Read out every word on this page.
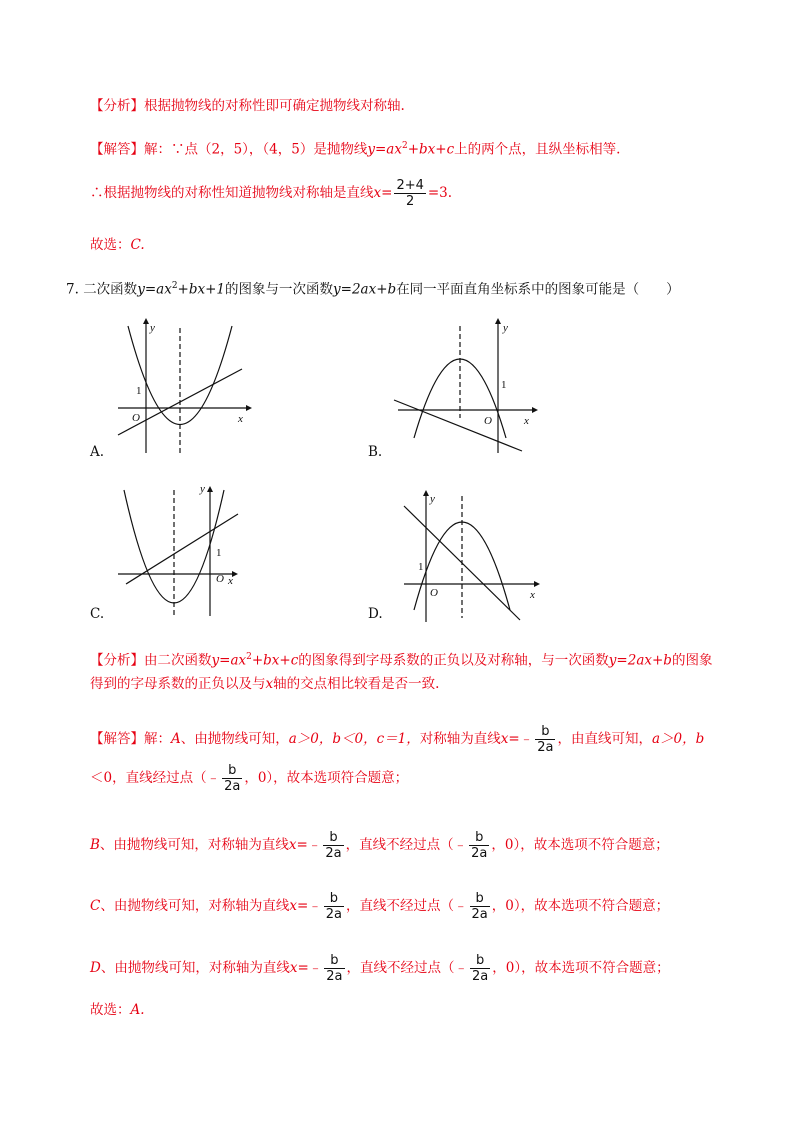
【分析】根据抛物线的对称性即可确定抛物线对称轴.
【解答】解：∵点（2，5），（4，5）是抛物线$y=ax^2+bx+c$上的两个点，且纵坐标相等.
∴根据抛物线的对称性知道抛物线对称轴是直线$x= \frac{2+4}{2} =3$.
故选：C.
7. 二次函数$y=ax^2+bx+1$的图象与一次函数y=2ax+b在同一平面直角坐标系中的图象可能是（　　）
y
x
O
1
A.
y
x
O
1
B.
y
x
O
1
C.
y
x
O
1
D.
【分析】由二次函数$y=ax^2+bx+c$的图象得到字母系数的正负以及对称轴，与一次函数y=2ax+b的图象
得到的字母系数的正负以及与x轴的交点相比较看是否一致.
【解答】解：A、由抛物线可知，a＞0，b＜0，c＝1，对称轴为直线x=﹣ $\frac{b}{2a}$ ，由直线可知，a＞0，b
＜0，直线经过点（﹣ $\frac{b}{2a}$ ，0），故本选项符合题意；
B、由抛物线可知，对称轴为直线x=﹣ $\frac{b}{2a}$ ，直线不经过点（﹣ $\frac{b}{2a}$ ，0），故本选项不符合题意；
C、由抛物线可知，对称轴为直线x=﹣ $\frac{b}{2a}$ ，直线不经过点（﹣ $\frac{b}{2a}$ ，0），故本选项不符合题意；
D、由抛物线可知，对称轴为直线x=﹣ $\frac{b}{2a}$ ，直线不经过点（﹣ $\frac{b}{2a}$ ，0），故本选项不符合题意；
故选：A.
